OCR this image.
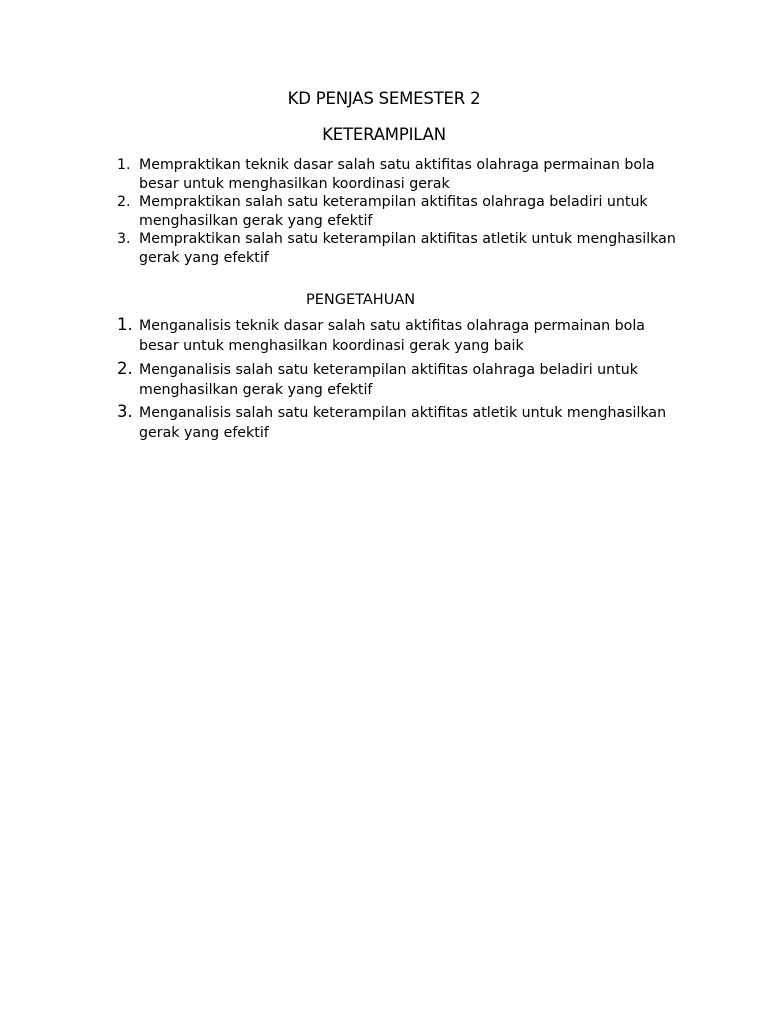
KD PENJAS SEMESTER 2
KETERAMPILAN
1. Mempraktikan teknik dasar salah satu aktifitas olahraga permainan bola besar untuk menghasilkan koordinasi gerak
2. Mempraktikan salah satu keterampilan aktifitas olahraga beladiri untuk menghasilkan gerak yang efektif
3. Mempraktikan salah satu keterampilan aktifitas atletik untuk menghasilkan gerak yang efektif
PENGETAHUAN
1. Menganalisis teknik dasar salah satu aktifitas olahraga permainan bola besar untuk menghasilkan koordinasi gerak yang baik
2. Menganalisis salah satu keterampilan aktifitas olahraga beladiri untuk menghasilkan gerak yang efektif
3. Menganalisis salah satu keterampilan aktifitas atletik untuk menghasilkan gerak yang efektif
